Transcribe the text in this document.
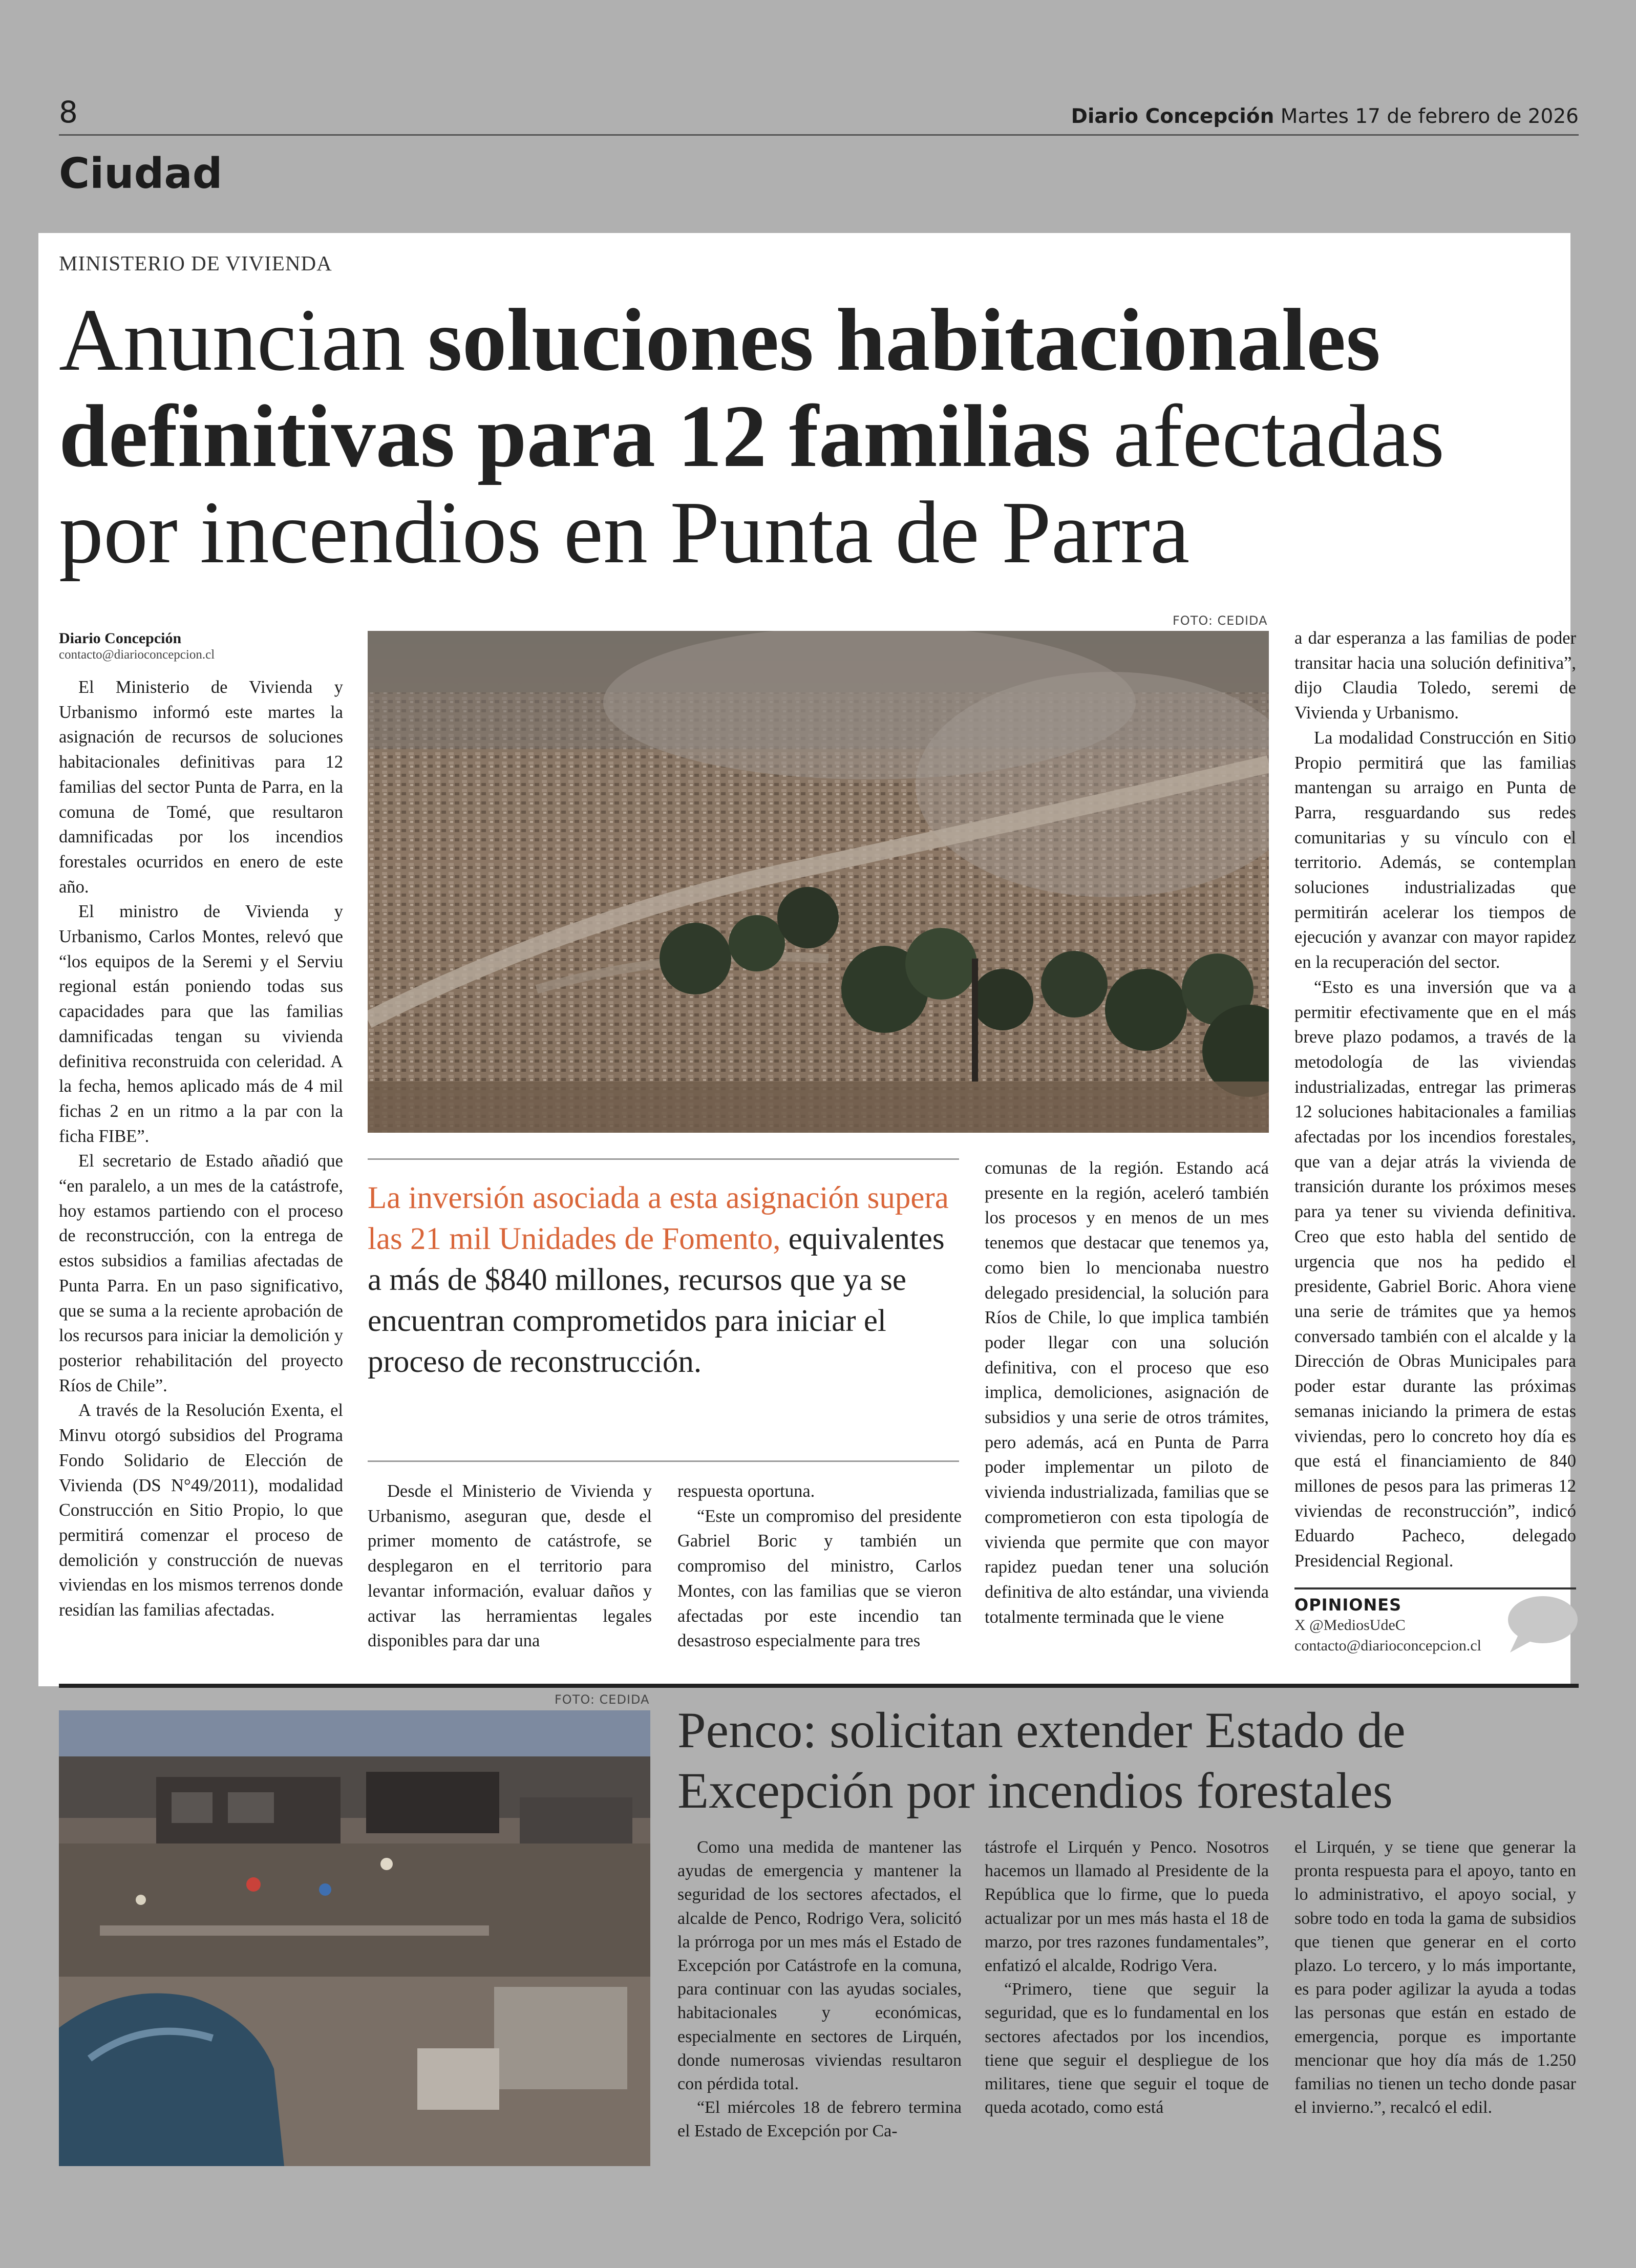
8	Diario Concepción Martes 17 de febrero de 2026
Ciudad
MINISTERIO DE VIVIENDA
Anuncian soluciones habitacionales definitivas para 12 familias afectadas por incendios en Punta de Parra
Diario Concepción
contacto@diarioconcepcion.cl

El Ministerio de Vivienda y Urbanismo informó este martes la asignación de recursos de soluciones habitacionales definitivas para 12 familias del sector Punta de Parra, en la comuna de Tomé, que resultaron damnificadas por los incendios forestales ocurridos en enero de este año.

El ministro de Vivienda y Urbanismo, Carlos Montes, relevó que “los equipos de la Seremi y el Serviu regional están poniendo todas sus capacidades para que las familias damnificadas tengan su vivienda definitiva reconstruida con celeridad. A la fecha, hemos aplicado más de 4 mil fichas 2 en un ritmo a la par con la ficha FIBE”.

El secretario de Estado añadió que “en paralelo, a un mes de la catástrofe, hoy estamos partiendo con el proceso de reconstrucción, con la entrega de estos subsidios a familias afectadas de Punta Parra. En un paso significativo, que se suma a la reciente aprobación de los recursos para iniciar la demolición y posterior rehabilitación del proyecto Ríos de Chile”.

A través de la Resolución Exenta, el Minvu otorgó subsidios del Programa Fondo Solidario de Elección de Vivienda (DS N°49/2011), modalidad Construcción en Sitio Propio, lo que permitirá comenzar el proceso de demolición y construcción de nuevas viviendas en los mismos terrenos donde residían las familias afectadas.

FOTO: CEDIDA
La inversión asociada a esta asignación supera las 21 mil Unidades de Fomento, equivalentes a más de $840 millones, recursos que ya se encuentran comprometidos para iniciar el proceso de reconstrucción.

Desde el Ministerio de Vivienda y Urbanismo, aseguran que, desde el primer momento de catástrofe, se desplegaron en el territorio para levantar información, evaluar daños y activar las herramientas legales disponibles para dar una

respuesta oportuna.

“Este un compromiso del presidente Gabriel Boric y también un compromiso del ministro, Carlos Montes, con las familias que se vieron afectadas por este incendio tan desastroso especialmente para tres

comunas de la región. Estando acá presente en la región, aceleró también los procesos y en menos de un mes tenemos que destacar que tenemos ya, como bien lo mencionaba nuestro delegado presidencial, la solución para Ríos de Chile, lo que implica también poder llegar con una solución definitiva, con el proceso que eso implica, demoliciones, asignación de subsidios y una serie de otros trámites, pero además, acá en Punta de Parra poder implementar un piloto de vivienda industrializada, familias que se comprometieron con esta tipología de vivienda que permite que con mayor rapidez puedan tener una solución definitiva de alto estándar, una vivienda totalmente terminada que le viene

a dar esperanza a las familias de poder transitar hacia una solución definitiva”, dijo Claudia Toledo, seremi de Vivienda y Urbanismo.

La modalidad Construcción en Sitio Propio permitirá que las familias mantengan su arraigo en Punta de Parra, resguardando sus redes comunitarias y su vínculo con el territorio. Además, se contemplan soluciones industrializadas que permitirán acelerar los tiempos de ejecución y avanzar con mayor rapidez en la recuperación del sector.

“Esto es una inversión que va a permitir efectivamente que en el más breve plazo podamos, a través de la metodología de las viviendas industrializadas, entregar las primeras 12 soluciones habitacionales a familias afectadas por los incendios forestales, que van a dejar atrás la vivienda de transición durante los próximos meses para ya tener su vivienda definitiva. Creo que esto habla del sentido de urgencia que nos ha pedido el presidente, Gabriel Boric. Ahora viene una serie de trámites que ya hemos conversado también con el alcalde y la Dirección de Obras Municipales para poder estar durante las próximas semanas iniciando la primera de estas viviendas, pero lo concreto hoy día es que está el financiamiento de 840 millones de pesos para las primeras 12 viviendas de reconstrucción”, indicó Eduardo Pacheco, delegado Presidencial Regional.

OPINIONES
X @MediosUdeC
contacto@diarioconcepcion.cl
FOTO: CEDIDA
Penco: solicitan extender Estado de Excepción por incendios forestales

Como una medida de mantener las ayudas de emergencia y mantener la seguridad de los sectores afectados, el alcalde de Penco, Rodrigo Vera, solicitó la prórroga por un mes más el Estado de Excepción por Catástrofe en la comuna, para continuar con las ayudas sociales, habitacionales y económicas, especialmente en sectores de Lirquén, donde numerosas viviendas resultaron con pérdida total.

“El miércoles 18 de febrero termina el Estado de Excepción por Ca-

tástrofe el Lirquén y Penco. Nosotros hacemos un llamado al Presidente de la República que lo firme, que lo pueda actualizar por un mes más hasta el 18 de marzo, por tres razones fundamentales”, enfatizó el alcalde, Rodrigo Vera.

“Primero, tiene que seguir la seguridad, que es lo fundamental en los sectores afectados por los incendios, tiene que seguir el despliegue de los militares, tiene que seguir el toque de queda acotado, como está

el Lirquén, y se tiene que generar la pronta respuesta para el apoyo, tanto en lo administrativo, el apoyo social, y sobre todo en toda la gama de subsidios que tienen que generar en el corto plazo. Lo tercero, y lo más importante, es para poder agilizar la ayuda a todas las personas que están en estado de emergencia, porque es importante mencionar que hoy día más de 1.250 familias no tienen un techo donde pasar el invierno.”, recalcó el edil.
